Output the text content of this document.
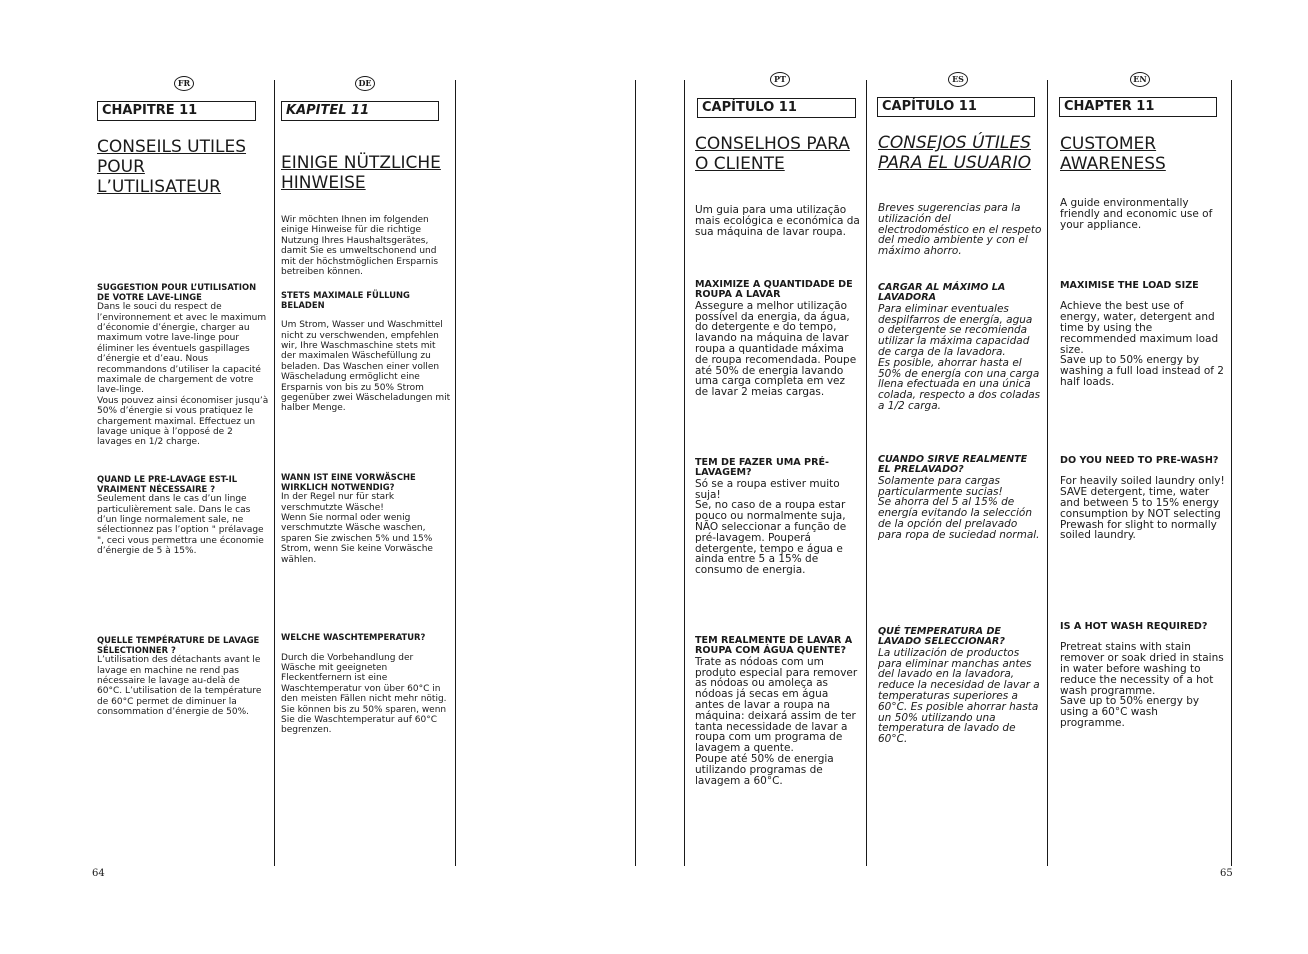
FR
CHAPITRE 11
CONSEILS UTILES
POUR L’UTILISATEUR
SUGGESTION POUR L’UTILISATION DE VOTRE LAVE-LINGE
Dans le souci du respect de l’environnement et avec le maximum d’économie d’énergie, charger au maximum votre lave-linge pour éliminer les éventuels gaspillages d’énergie et d’eau. Nous recommandons d’utiliser la capacité maximale de chargement de votre lave-linge.
Vous pouvez ainsi économiser jusqu’à 50% d’énergie si vous pratiquez le chargement maximal. Effectuez un lavage unique à l’opposé de 2 lavages en 1/2 charge.
QUAND LE PRE-LAVAGE EST-IL VRAIMENT NÉCESSAIRE ?
Seulement dans le cas d’un linge particulièrement sale. Dans le cas d’un linge normalement sale, ne sélectionnez pas l’option " prélavage ", ceci vous permettra une économie d’énergie de 5 à 15%.
QUELLE TEMPÉRATURE DE LAVAGE SÉLECTIONNER ?
L’utilisation des détachants avant le lavage en machine ne rend pas nécessaire le lavage au-delà de 60°C. L’utilisation de la température de 60°C permet de diminuer la consommation d’énergie de 50%.
DE
KAPITEL 11
EINIGE NÜTZLICHE
HINWEISE
Wir möchten Ihnen im folgenden einige Hinweise für die richtige Nutzung Ihres Haushaltsgerätes, damit Sie es umweltschonend und mit der höchstmöglichen Ersparnis betreiben können.
STETS MAXIMALE FÜLLUNG BELADEN
Um Strom, Wasser und Waschmittel nicht zu verschwenden, empfehlen wir, Ihre Waschmaschine stets mit der maximalen Wäschefüllung zu beladen. Das Waschen einer vollen Wäscheladung ermöglicht eine Ersparnis von bis zu 50% Strom gegenüber zwei Wäscheladungen mit halber Menge.
WANN IST EINE VORWÄSCHE WIRKLICH NOTWENDIG?
In der Regel nur für stark verschmutzte Wäsche!
Wenn Sie normal oder wenig verschmutzte Wäsche waschen, sparen Sie zwischen 5% und 15% Strom, wenn Sie keine Vorwäsche wählen.
WELCHE WASCHTEMPERATUR?
Durch die Vorbehandlung der Wäsche mit geeigneten Fleckentfernern ist eine Waschtemperatur von über 60°C in den meisten Fällen nicht mehr nötig. Sie können bis zu 50% sparen, wenn Sie die Waschtemperatur auf 60°C begrenzen.
PT
CAPÍTULO 11
CONSELHOS PARA
O CLIENTE
Um guia para uma utilização mais ecológica e económica da sua máquina de lavar roupa.
MAXIMIZE A QUANTIDADE DE ROUPA A LAVAR
Assegure a melhor utilização possível da energia, da água, do detergente e do tempo, lavando na máquina de lavar roupa a quantidade máxima de roupa recomendada. Poupe até 50% de energia lavando uma carga completa em vez de lavar 2 meias cargas.
TEM DE FAZER UMA PRÉ-LAVAGEM?
Só se a roupa estiver muito suja!
Se, no caso de a roupa estar pouco ou normalmente suja, NÃO seleccionar a função de pré-lavagem. Pouperá detergente, tempo e água e ainda entre 5 a 15% de consumo de energia.
TEM REALMENTE DE LAVAR A ROUPA COM ÁGUA QUENTE?
Trate as nódoas com um produto especial para remover as nódoas ou amoleça as nódoas já secas em água antes de lavar a roupa na máquina: deixará assim de ter tanta necessidade de lavar a roupa com um programa de lavagem a quente.
Poupe até 50% de energia utilizando programas de lavagem a 60°C.
ES
CAPÍTULO 11
CONSEJOS ÚTILES
PARA EL USUARIO
Breves sugerencias para la utilización del electrodoméstico en el respeto del medio ambiente y con el máximo ahorro.
CARGAR AL MÁXIMO LA LAVADORA
Para eliminar eventuales despilfarros de energía, agua o detergente se recomienda utilizar la máxima capacidad de carga de la lavadora.
Es posible, ahorrar hasta el 50% de energía con una carga llena efectuada en una única colada, respecto a dos coladas a 1/2 carga.
CUANDO SIRVE REALMENTE EL PRELAVADO?
Solamente para cargas particularmente sucias!
Se ahorra del 5 al 15% de energía evitando la selección de la opción del prelavado para ropa de suciedad normal.
QUÉ TEMPERATURA DE LAVADO SELECCIONAR?
La utilización de productos para eliminar manchas antes del lavado en la lavadora, reduce la necesidad de lavar a temperaturas superiores a 60°C. Es posible ahorrar hasta un 50% utilizando una temperatura de lavado de 60°C.
EN
CHAPTER 11
CUSTOMER
AWARENESS
A guide environmentally friendly and economic use of your appliance.
MAXIMISE THE LOAD SIZE
Achieve the best use of energy, water, detergent and time by using the recommended maximum load size.
Save up to 50% energy by washing a full load instead of 2 half loads.
DO YOU NEED TO PRE-WASH?
For heavily soiled laundry only!
SAVE detergent, time, water and between 5 to 15% energy consumption by NOT selecting Prewash for slight to normally soiled laundry.
IS A HOT WASH REQUIRED?
Pretreat stains with stain remover or soak dried in stains in water before washing to reduce the necessity of a hot wash programme.
Save up to 50% energy by using a 60°C wash programme.
64	65
